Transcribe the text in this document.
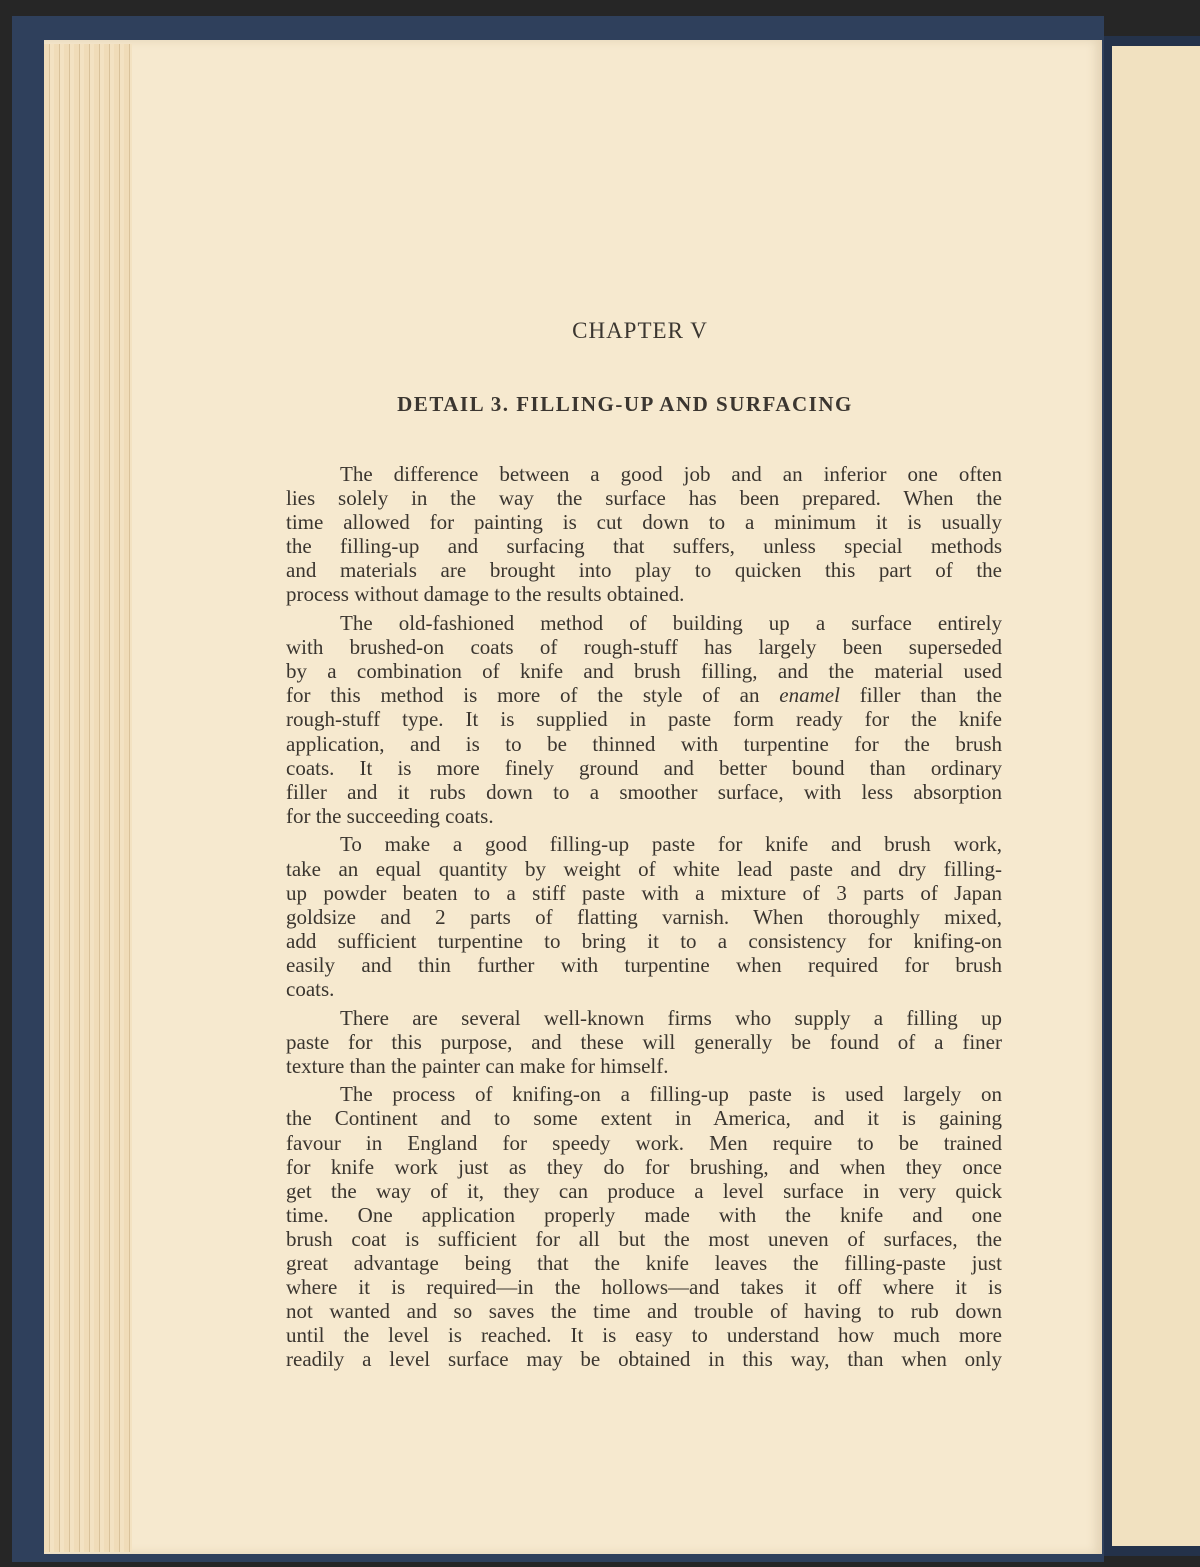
CHAPTER V
DETAIL 3. FILLING-UP AND SURFACING
The difference between a good job and an inferior one often
lies solely in the way the surface has been prepared. When the
time allowed for painting is cut down to a minimum it is usually
the filling-up and surfacing that suffers, unless special methods
and materials are brought into play to quicken this part of the
process without damage to the results obtained.
The old-fashioned method of building up a surface entirely
with brushed-on coats of rough-stuff has largely been superseded
by a combination of knife and brush filling, and the material used
for this method is more of the style of an enamel filler than the
rough-stuff type. It is supplied in paste form ready for the knife
application, and is to be thinned with turpentine for the brush
coats. It is more finely ground and better bound than ordinary
filler and it rubs down to a smoother surface, with less absorption
for the succeeding coats.
To make a good filling-up paste for knife and brush work,
take an equal quantity by weight of white lead paste and dry filling-
up powder beaten to a stiff paste with a mixture of 3 parts of Japan
goldsize and 2 parts of flatting varnish. When thoroughly mixed,
add sufficient turpentine to bring it to a consistency for knifing-on
easily and thin further with turpentine when required for brush
coats.
There are several well-known firms who supply a filling up
paste for this purpose, and these will generally be found of a finer
texture than the painter can make for himself.
The process of knifing-on a filling-up paste is used largely on
the Continent and to some extent in America, and it is gaining
favour in England for speedy work. Men require to be trained
for knife work just as they do for brushing, and when they once
get the way of it, they can produce a level surface in very quick
time. One application properly made with the knife and one
brush coat is sufficient for all but the most uneven of surfaces, the
great advantage being that the knife leaves the filling-paste just
where it is required—in the hollows—and takes it off where it is
not wanted and so saves the time and trouble of having to rub down
until the level is reached. It is easy to understand how much more
readily a level surface may be obtained in this way, than when only
